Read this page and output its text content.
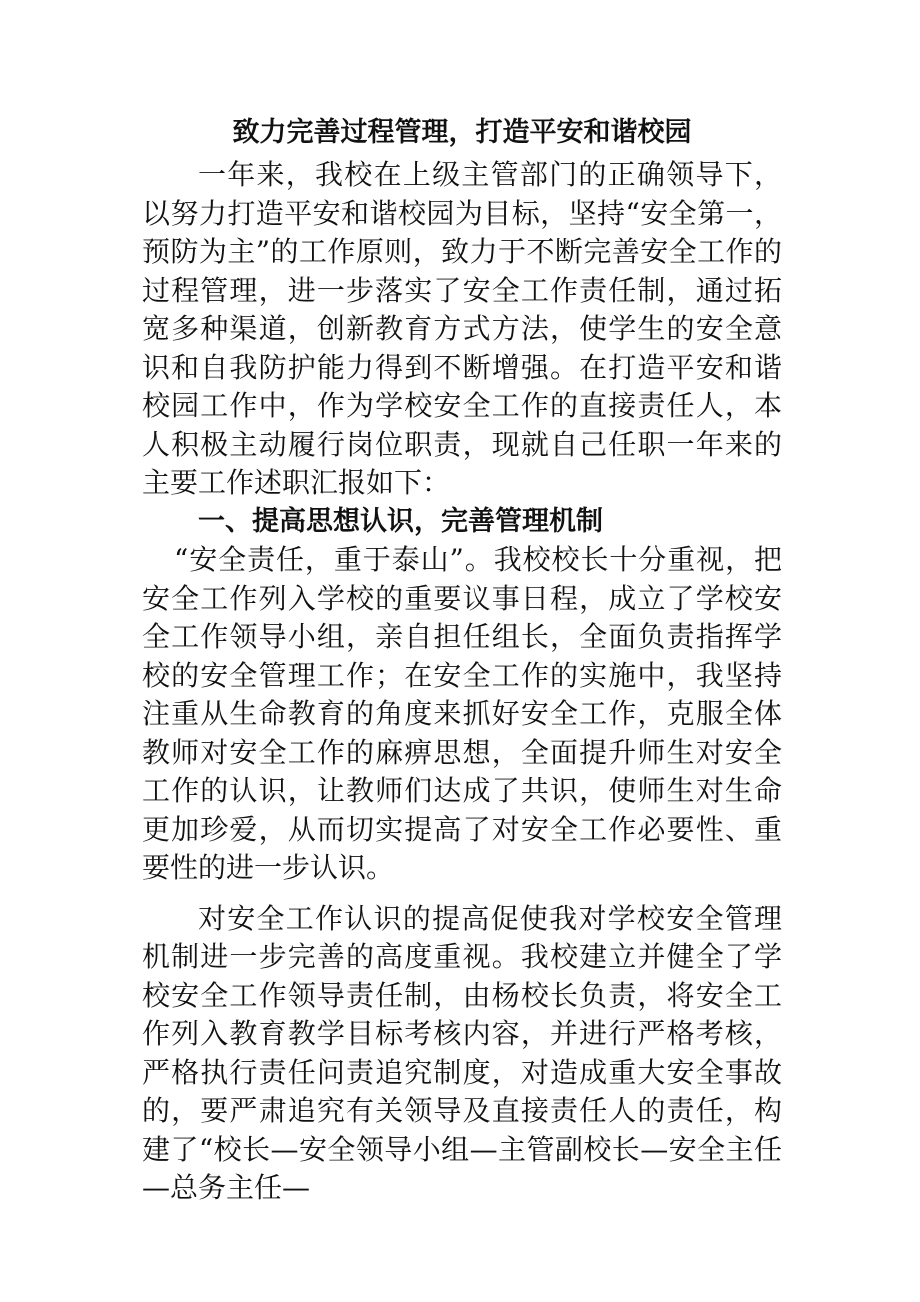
致力完善过程管理，打造平安和谐校园

一年来，我校在上级主管部门的正确领导下，以努力打造平安和谐校园为目标，坚持“安全第一，预防为主”的工作原则，致力于不断完善安全工作的过程管理，进一步落实了安全工作责任制，通过拓宽多种渠道，创新教育方式方法，使学生的安全意识和自我防护能力得到不断增强。在打造平安和谐校园工作中，作为学校安全工作的直接责任人，本人积极主动履行岗位职责，现就自己任职一年来的主要工作述职汇报如下：

一、提高思想认识，完善管理机制

“安全责任，重于泰山”。我校校长十分重视，把安全工作列入学校的重要议事日程，成立了学校安全工作领导小组，亲自担任组长，全面负责指挥学校的安全管理工作；在安全工作的实施中，我坚持注重从生命教育的角度来抓好安全工作，克服全体教师对安全工作的麻痹思想，全面提升师生对安全工作的认识，让教师们达成了共识，使师生对生命更加珍爱，从而切实提高了对安全工作必要性、重要性的进一步认识。

对安全工作认识的提高促使我对学校安全管理机制进一步完善的高度重视。我校建立并健全了学校安全工作领导责任制，由杨校长负责，将安全工作列入教育教学目标考核内容，并进行严格考核，严格执行责任问责追究制度，对造成重大安全事故的，要严肃追究有关领导及直接责任人的责任，构建了“校长—安全领导小组—主管副校长—安全主任—总务主任—
